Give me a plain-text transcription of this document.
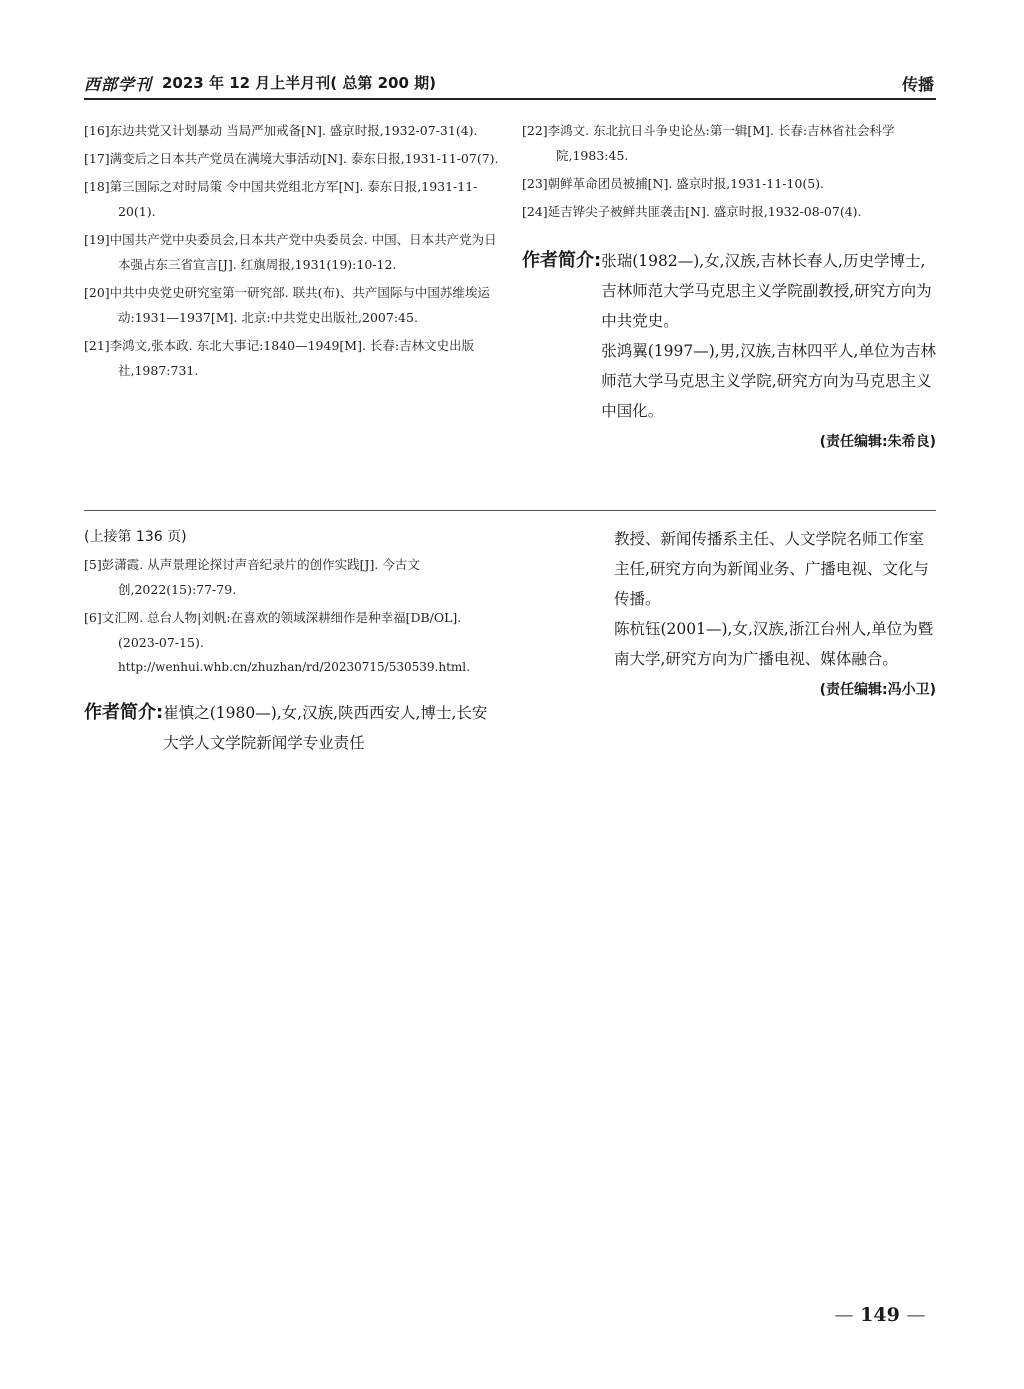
西部学刊 2023 年 12 月上半月刊( 总第 200 期)	传播

[16]东边共党又计划暴动 当局严加戒备[N]. 盛京时报,1932-07-31(4).

[17]满变后之日本共产党员在满境大事活动[N]. 泰东日报,1931-11-07(7).

[18]第三国际之对时局策 令中国共党组北方军[N]. 泰东日报,1931-11-20(1).

[19]中国共产党中央委员会,日本共产党中央委员会. 中国、日本共产党为日本强占东三省宣言[J]. 红旗周报,1931(19):10-12.

[20]中共中央党史研究室第一研究部. 联共(布)、共产国际与中国苏维埃运动:1931—1937[M]. 北京:中共党史出版社,2007:45.

[21]李鸿文,张本政. 东北大事记:1840—1949[M]. 长春:吉林文史出版社,1987:731.

[22]李鸿文. 东北抗日斗争史论丛:第一辑[M]. 长春:吉林省社会科学院,1983:45.

[23]朝鲜革命团员被捕[N]. 盛京时报,1931-11-10(5).

[24]延吉铧尖子被鲜共匪袭击[N]. 盛京时报,1932-08-07(4).

作者简介: 张瑞(1982—),女,汉族,吉林长春人,历史学博士,吉林师范大学马克思主义学院副教授,研究方向为中共党史。

张鸿翼(1997—),男,汉族,吉林四平人,单位为吉林师范大学马克思主义学院,研究方向为马克思主义中国化。

(责任编辑:朱希良)
(上接第 136 页)

[5]彭潇霞. 从声景理论探讨声音纪录片的创作实践[J]. 今古文创,2022(15):77-79.

[6]文汇网. 总台人物|刘帆:在喜欢的领域深耕细作是种幸福[DB/OL]. (2023-07-15).

http://wenhui.whb.cn/zhuzhan/rd/20230715/530539.html.
作者简介: 崔慎之(1980—),女,汉族,陕西西安人,博士,长安大学人文学院新闻学专业责任

教授、新闻传播系主任、人文学院名师工作室主任,研究方向为新闻业务、广播电视、文化与传播。

陈杭钰(2001—),女,汉族,浙江台州人,单位为暨南大学,研究方向为广播电视、媒体融合。

(责任编辑:冯小卫)
— 149 —
